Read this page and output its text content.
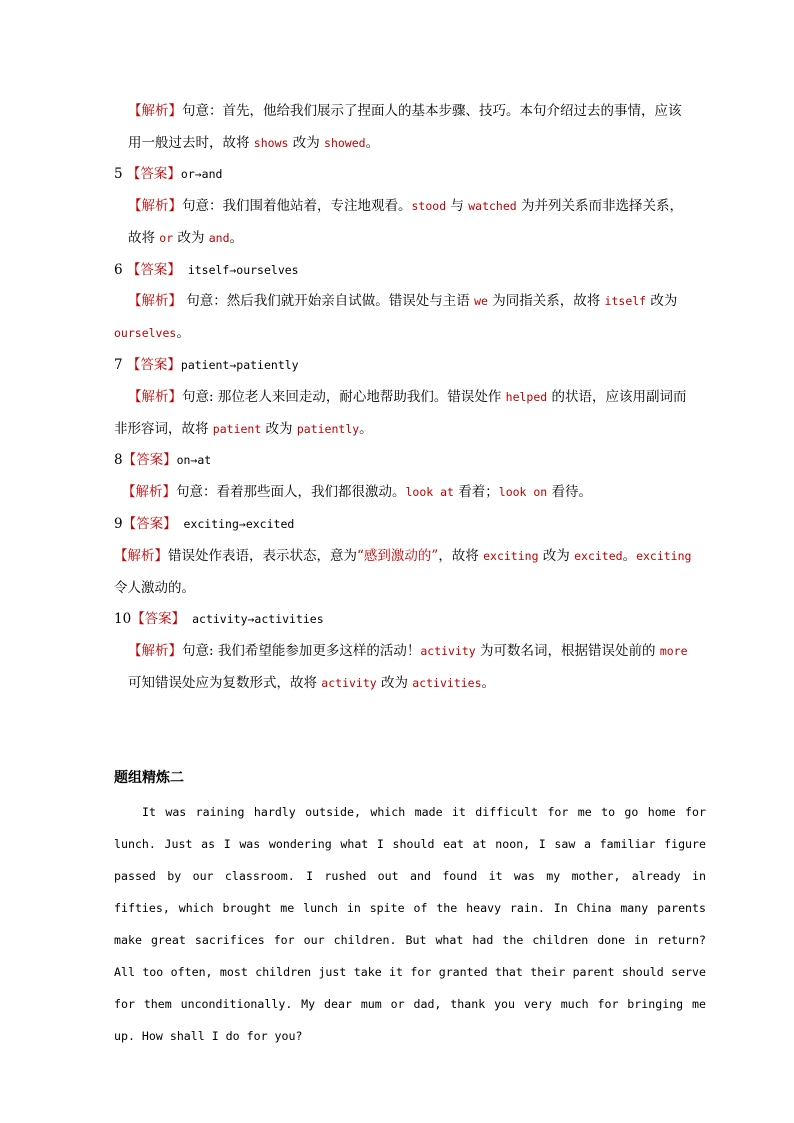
【解析】句意：首先，他给我们展示了捏面人的基本步骤、技巧。本句介绍过去的事情，应该
用一般过去时，故将 shows 改为 showed。
5 【答案】or→and
【解析】句意：我们围着他站着，专注地观看。stood 与 watched 为并列关系而非选择关系，
故将 or 改为 and。
6 【答案】 itself→ourselves
【解析】 句意：然后我们就开始亲自试做。错误处与主语 we 为同指关系，故将 itself 改为
ourselves。
7 【答案】patient→patiently
【解析】句意: 那位老人来回走动，耐心地帮助我们。错误处作 helped 的状语，应该用副词而
非形容词，故将 patient 改为 patiently。
8【答案】on→at
【解析】句意：看着那些面人，我们都很激动。look at 看着；look on 看待。
9【答案】 exciting→excited
【解析】错误处作表语，表示状态，意为“感到激动的”，故将 exciting 改为 excited。exciting
令人激动的。
10【答案】 activity→activities
【解析】句意: 我们希望能参加更多这样的活动！activity 为可数名词，根据错误处前的 more
可知错误处应为复数形式，故将 activity 改为 activities。
题组精炼二
It was raining hardly outside, which made it difficult for me to go home for lunch. Just as I was wondering what I should eat at noon, I saw a familiar figure passed by our classroom. I rushed out and found it was my mother, already in fifties, which brought me lunch in spite of the heavy rain. In China many parents make great sacrifices for our children. But what had the children done in return? All too often, most children just take it for granted that their parent should serve for them unconditionally. My dear mum or dad, thank you very much for bringing me up. How shall I do for you?
